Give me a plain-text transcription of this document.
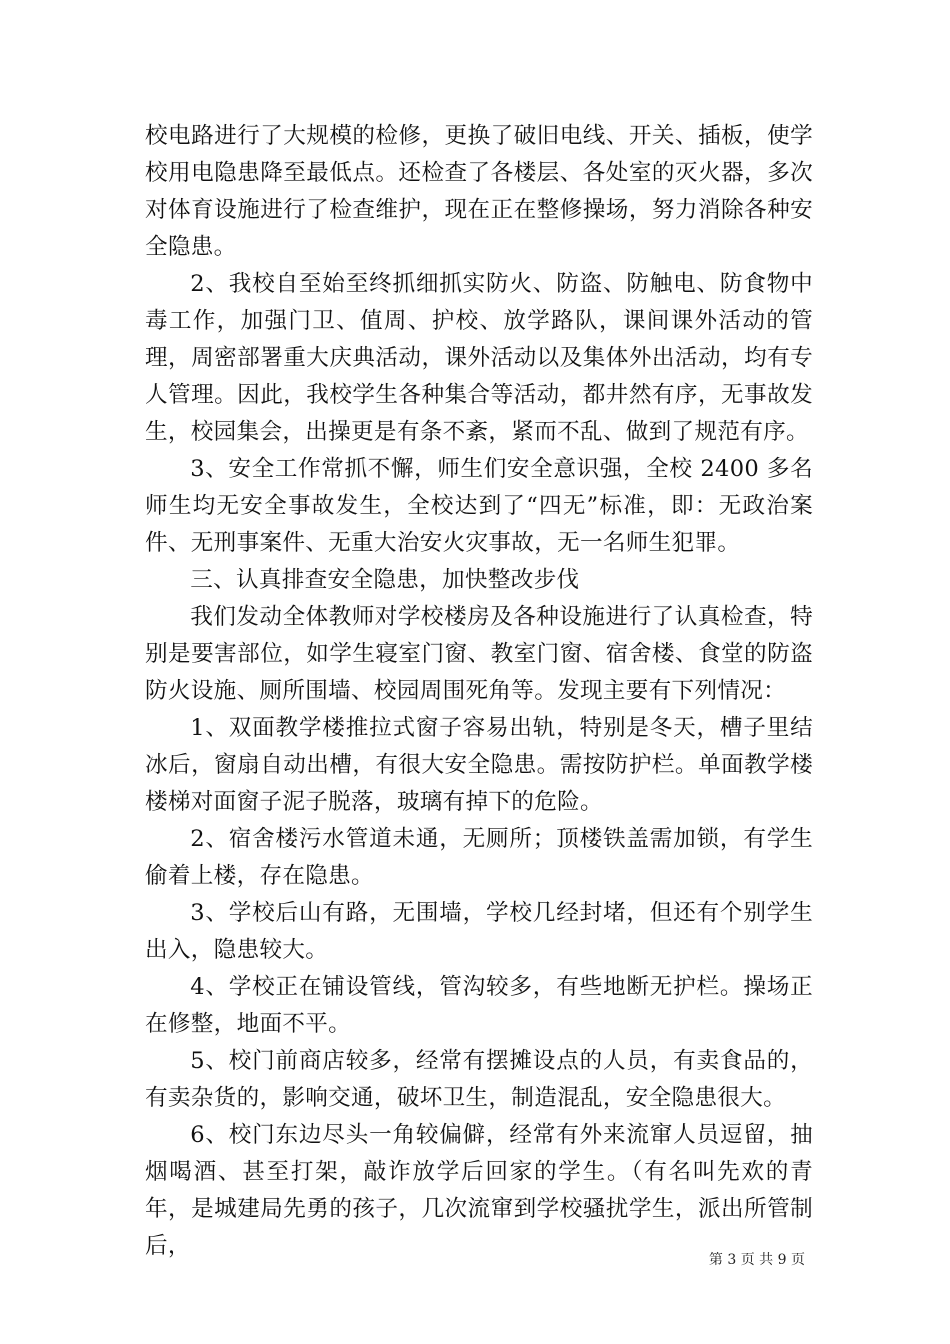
校电路进行了大规模的检修，更换了破旧电线、开关、插板，使学校用电隐患降至最低点。还检查了各楼层、各处室的灭火器，多次对体育设施进行了检查维护，现在正在整修操场，努力消除各种安全隐患。

2、我校自至始至终抓细抓实防火、防盗、防触电、防食物中毒工作，加强门卫、值周、护校、放学路队，课间课外活动的管理，周密部署重大庆典活动，课外活动以及集体外出活动，均有专人管理。因此，我校学生各种集合等活动，都井然有序，无事故发生，校园集会，出操更是有条不紊，紧而不乱、做到了规范有序。

3、安全工作常抓不懈，师生们安全意识强，全校 2400 多名师生均无安全事故发生，全校达到了“四无”标准，即：无政治案件、无刑事案件、无重大治安火灾事故，无一名师生犯罪。

三、认真排查安全隐患，加快整改步伐

我们发动全体教师对学校楼房及各种设施进行了认真检查，特别是要害部位，如学生寝室门窗、教室门窗、宿舍楼、食堂的防盗防火设施、厕所围墙、校园周围死角等。发现主要有下列情况：

1、双面教学楼推拉式窗子容易出轨，特别是冬天，槽子里结冰后，窗扇自动出槽，有很大安全隐患。需按防护栏。单面教学楼楼梯对面窗子泥子脱落，玻璃有掉下的危险。

2、宿舍楼污水管道未通，无厕所；顶楼铁盖需加锁，有学生偷着上楼，存在隐患。

3、学校后山有路，无围墙，学校几经封堵，但还有个别学生出入，隐患较大。

4、学校正在铺设管线，管沟较多，有些地断无护栏。操场正在修整，地面不平。

5、校门前商店较多，经常有摆摊设点的人员，有卖食品的，有卖杂货的，影响交通，破坏卫生，制造混乱，安全隐患很大。

6、校门东边尽头一角较偏僻，经常有外来流窜人员逗留，抽烟喝酒、甚至打架，敲诈放学后回家的学生。（有名叫先欢的青年，是城建局先勇的孩子，几次流窜到学校骚扰学生，派出所管制后，

第 3 页 共 9 页
